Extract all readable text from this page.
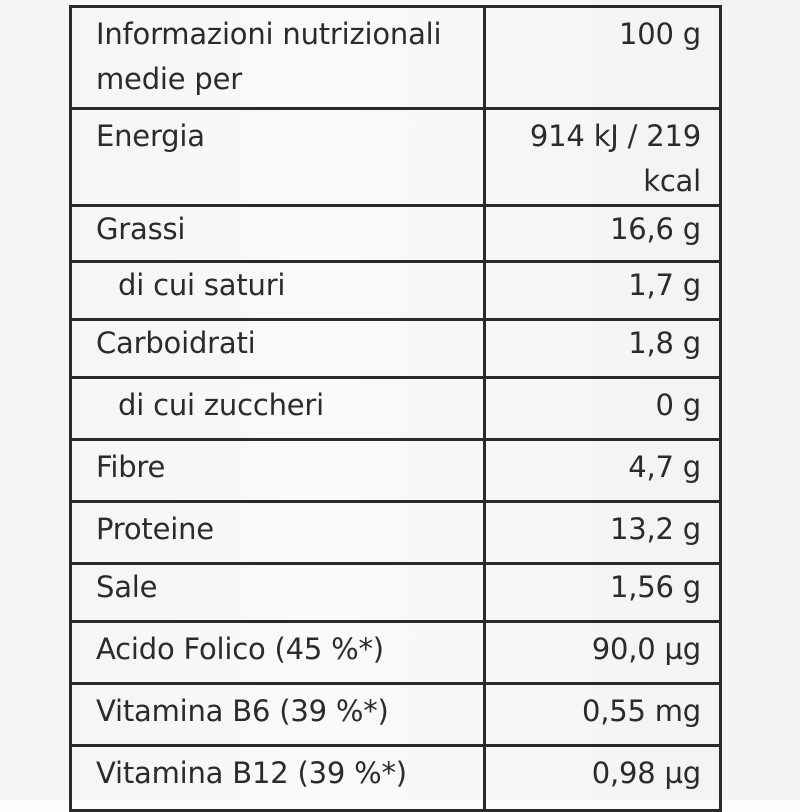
Informazioni nutrizionali medie per	100 g

Energia	914 kJ / 219 kcal

Grassi	16,6 g
di cui saturi	1,7 g
Carboidrati	1,8 g

di cui zuccheri	0 g

Fibre	4,7 g

Proteine	13,2 g

Sale	1,56 g

Acido Folico (45 %*)	90,0 µg

Vitamina B6 (39 %*)	0,55 mg

Vitamina B12 (39 %*)	0,98 µg
